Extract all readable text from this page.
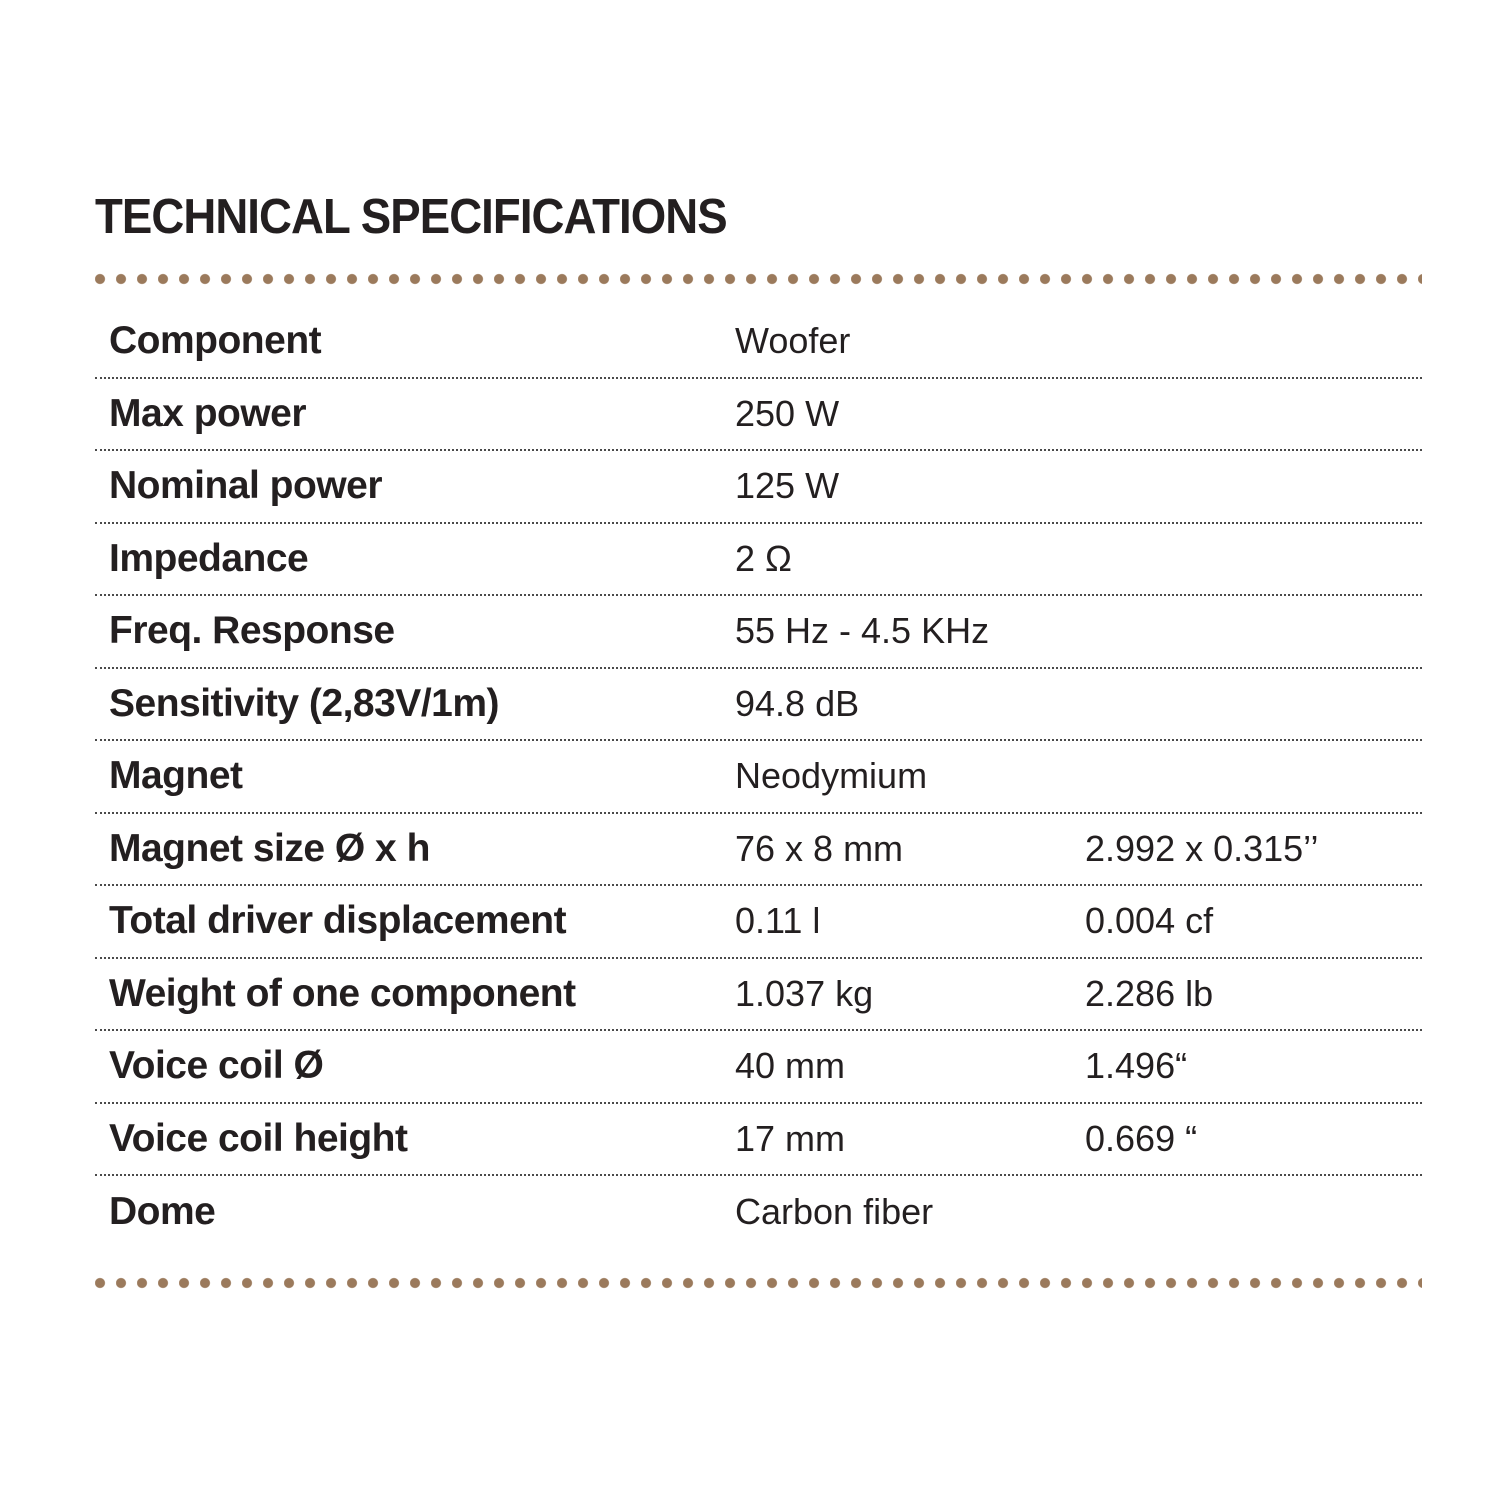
TECHNICAL SPECIFICATIONS
Component	Woofer
Max power	250 W
Nominal power	125 W
Impedance	2 Ω
Freq. Response	55 Hz - 4.5 KHz
Sensitivity (2,83V/1m)	94.8 dB
Magnet	Neodymium
Magnet size Ø x h	76 x 8 mm	2.992 x 0.315’’
Total driver displacement	0.11 l	0.004 cf
Weight of one component	1.037 kg	2.286 lb
Voice coil Ø	40 mm	1.496“
Voice coil height	17 mm	0.669 “
Dome	Carbon fiber
